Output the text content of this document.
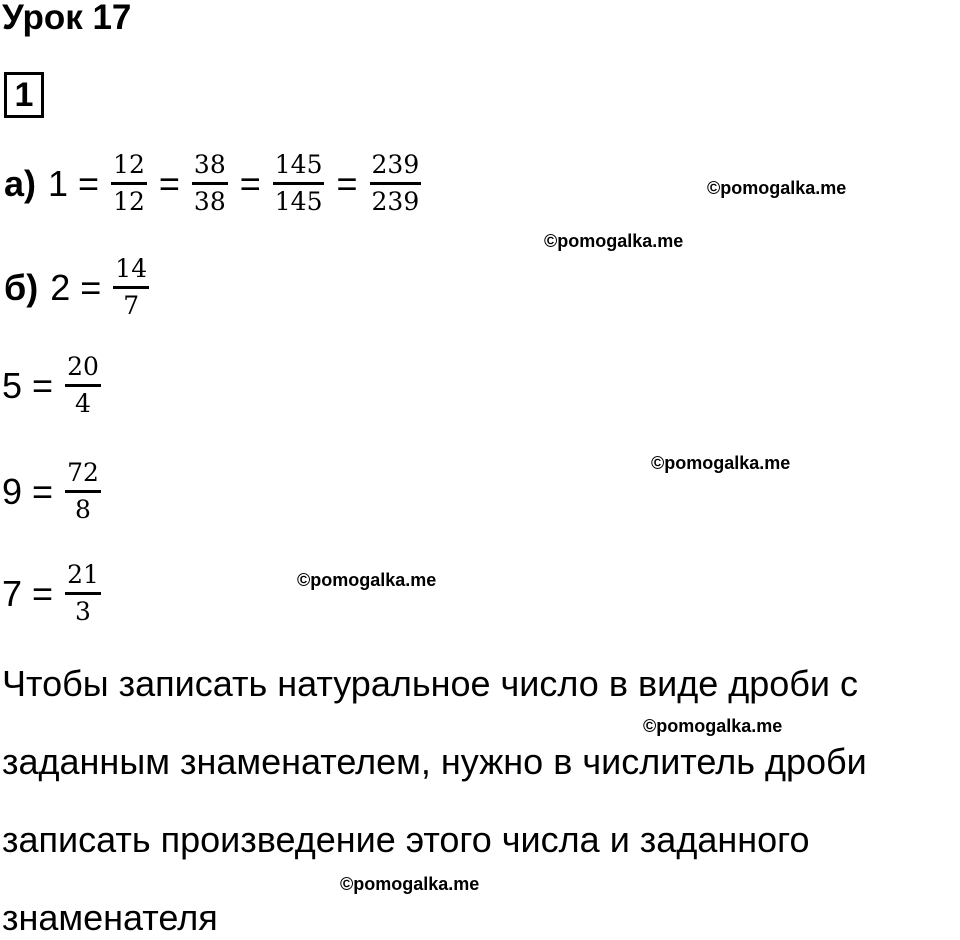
Урок 17
1
а) $1 = \frac{12}{12} = \frac{38}{38} = \frac{145}{145} = \frac{239}{239}$
б) $2 = \frac{14}{7}$
$5 = \frac{20}{4}$
$9 = \frac{72}{8}$
$7 = \frac{21}{3}$
Чтобы записать натуральное число в виде дроби с
заданным знаменателем, нужно в числитель дроби
записать произведение этого числа и заданного
знаменателя
©pomogalka.me
©pomogalka.me
©pomogalka.me
©pomogalka.me
©pomogalka.me
©pomogalka.me
